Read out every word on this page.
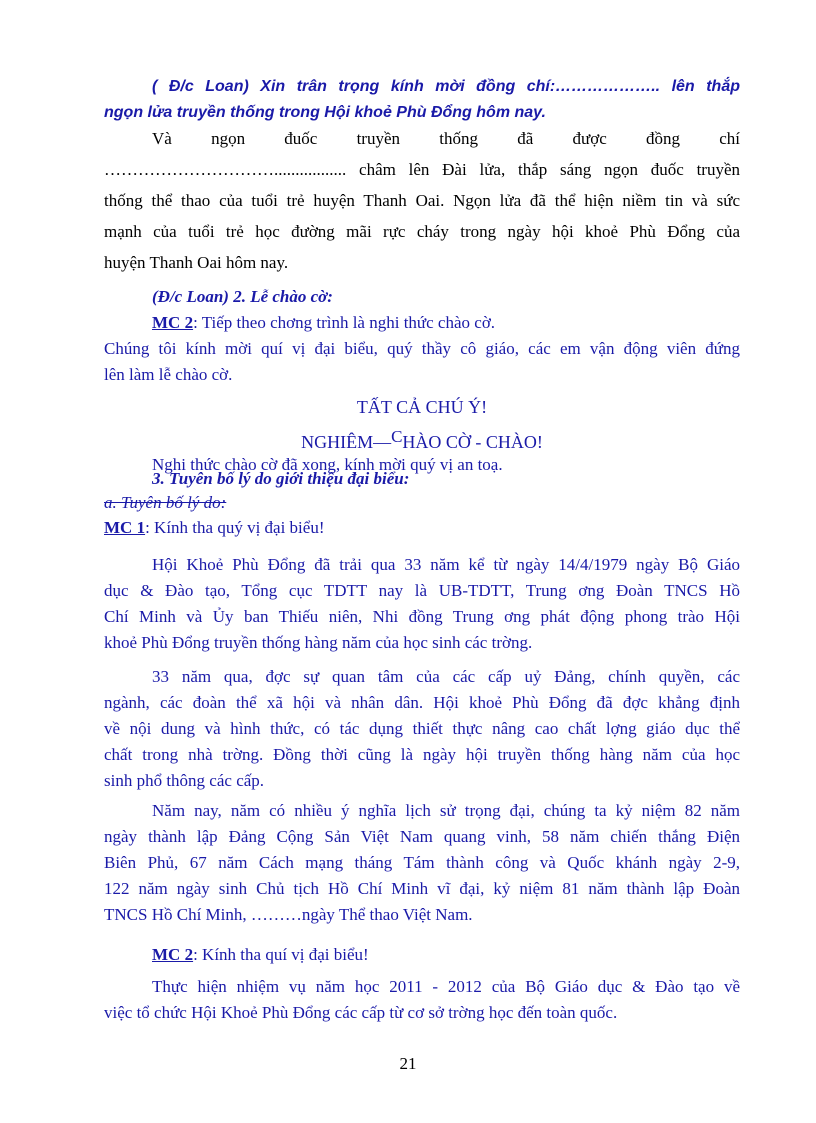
( Đ/c Loan) Xin trân trọng kính mời đồng chí:……………….. lên thắp
ngọn lửa truyền thống trong Hội khoẻ Phù Đổng hôm nay.
Và ngọn đuốc truyền thống đã được đồng chí
…………………………................. châm lên Đài lửa, thắp sáng ngọn đuốc truyền
thống thể thao của tuổi trẻ huyện Thanh Oai. Ngọn lửa đã thể hiện niềm tin và sức
mạnh của tuổi trẻ học đường mãi rực cháy trong ngày hội khoẻ Phù Đổng của
huyện Thanh Oai hôm nay.
(Đ/c Loan) 2. Lễ chào cờ:
MC 2: Tiếp theo chơng trình là nghi thức chào cờ.
Chúng tôi kính mời quí vị đại biểu, quý thầy cô giáo, các em vận động viên đứng
lên làm lễ chào cờ.
TẤT CẢ CHÚ Ý!
NGHIÊM—$^C$HÀO CỜ - CHÀO!
Nghi thức chào cờ đã xong, kính mời quý vị an toạ.
3. Tuyên bố lý do giới thiệu đại biểu:
a. Tuyên bố lý do:
MC 1: Kính tha quý vị đại biểu!
Hội Khoẻ Phù Đổng đã trải qua 33 năm kể từ ngày 14/4/1979 ngày Bộ Giáo
dục & Đào tạo, Tổng cục TDTT nay là UB-TDTT, Trung ơng Đoàn TNCS Hồ
Chí Minh và Ủy ban Thiếu niên, Nhi đồng Trung ơng phát động phong trào Hội
khoẻ Phù Đổng truyền thống hàng năm của học sinh các trờng.
33 năm qua, đợc sự quan tâm của các cấp uỷ Đảng, chính quyền, các
ngành, các đoàn thể xã hội và nhân dân. Hội khoẻ Phù Đổng đã đợc khẳng định
về nội dung và hình thức, có tác dụng thiết thực nâng cao chất lợng giáo dục thể
chất trong nhà trờng. Đồng thời cũng là ngày hội truyền thống hàng năm của học
sinh phổ thông các cấp.
Năm nay, năm có nhiều ý nghĩa lịch sử trọng đại, chúng ta kỷ niệm 82 năm
ngày thành lập Đảng Cộng Sản Việt Nam quang vinh, 58 năm chiến thắng Điện
Biên Phủ, 67 năm Cách mạng tháng Tám thành công và Quốc khánh ngày 2-9,
122 năm ngày sinh Chủ tịch Hồ Chí Minh vĩ đại, kỷ niệm 81 năm thành lập Đoàn
TNCS Hồ Chí Minh, ………ngày Thể thao Việt Nam.
MC 2: Kính tha quí vị đại biểu!
Thực hiện nhiệm vụ năm học 2011 - 2012 của Bộ Giáo dục & Đào tạo về
việc tổ chức Hội Khoẻ Phù Đổng các cấp từ cơ sở trờng học đến toàn quốc.
21
